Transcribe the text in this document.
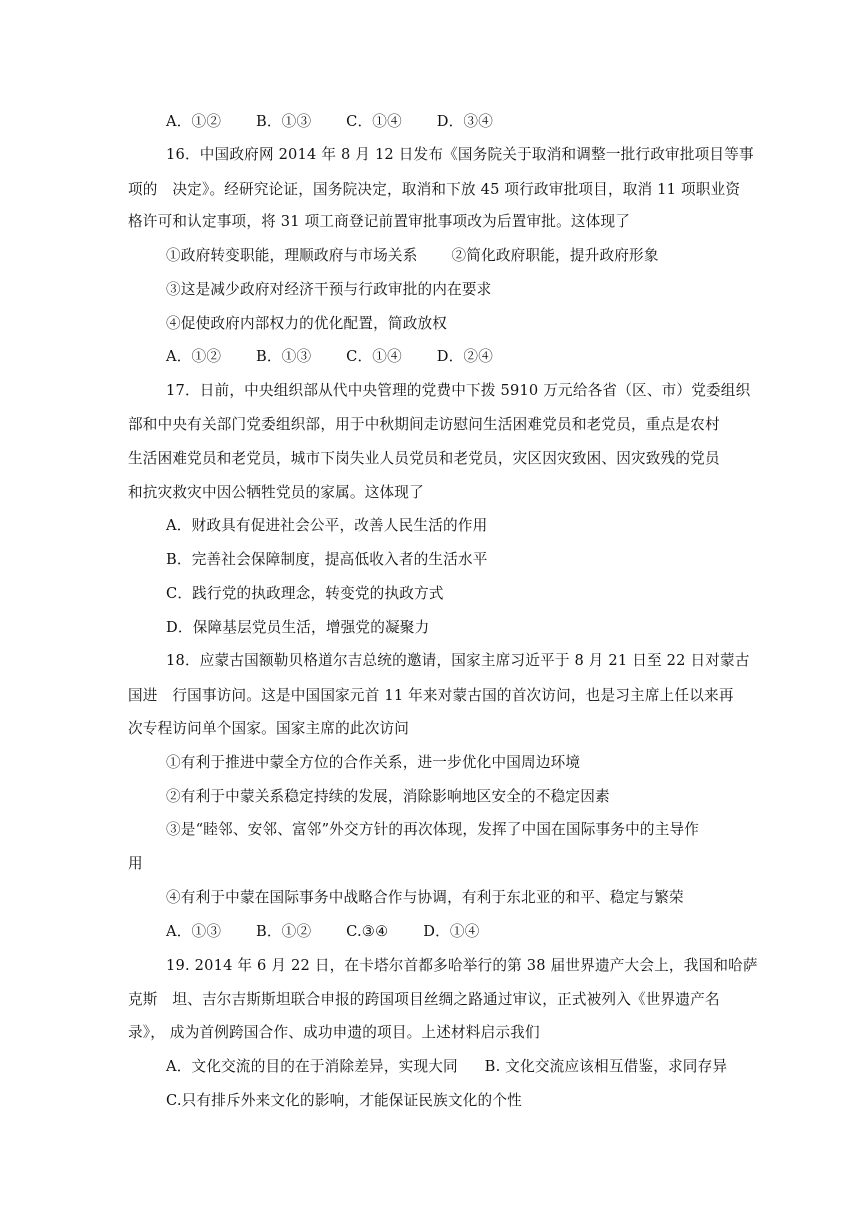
A．①② B．①③ C．①④ D．③④
16．中国政府网 2014 年 8 月 12 日发布《国务院关于取消和调整一批行政审批项目等事
项的　决定》。经研究论证，国务院决定，取消和下放 45 项行政审批项目，取消 11 项职业资
格许可和认定事项，将 31 项工商登记前置审批事项改为后置审批。这体现了
①政府转变职能，理顺政府与市场关系 ②简化政府职能，提升政府形象
③这是减少政府对经济干预与行政审批的内在要求
④促使政府内部权力的优化配置，简政放权
A．①② B．①③ C．①④ D．②④
17．日前，中央组织部从代中央管理的党费中下拨 5910 万元给各省（区、市）党委组织
部和中央有关部门党委组织部，用于中秋期间走访慰问生活困难党员和老党员，重点是农村
生活困难党员和老党员，城市下岗失业人员党员和老党员，灾区因灾致困、因灾致残的党员
和抗灾救灾中因公牺牲党员的家属。这体现了
A．财政具有促进社会公平，改善人民生活的作用
B．完善社会保障制度，提高低收入者的生活水平
C．践行党的执政理念，转变党的执政方式
D．保障基层党员生活，增强党的凝聚力
18．应蒙古国额勒贝格道尔吉总统的邀请，国家主席习近平于 8 月 21 日至 22 日对蒙古
国进　行国事访问。这是中国国家元首 11 年来对蒙古国的首次访问，也是习主席上任以来再
次专程访问单个国家。国家主席的此次访问
①有利于推进中蒙全方位的合作关系，进一步优化中国周边环境
②有利于中蒙关系稳定持续的发展，消除影响地区安全的不稳定因素
③是“睦邻、安邻、富邻”外交方针的再次体现，发挥了中国在国际事务中的主导作
用
④有利于中蒙在国际事务中战略合作与协调，有利于东北亚的和平、稳定与繁荣
A．①③ B．①② C.③④ D．①④
19. 2014 年 6 月 22 日，在卡塔尔首都多哈举行的第 38 届世界遗产大会上，我国和哈萨
克斯　坦、吉尔吉斯斯坦联合申报的跨国项目丝绸之路通过审议，正式被列入《世界遗产名
录》， 成为首例跨国合作、成功申遗的项目。上述材料启示我们
A．文化交流的目的在于消除差异，实现大同 B. 文化交流应该相互借鉴，求同存异
C.只有排斥外来文化的影响，才能保证民族文化的个性
